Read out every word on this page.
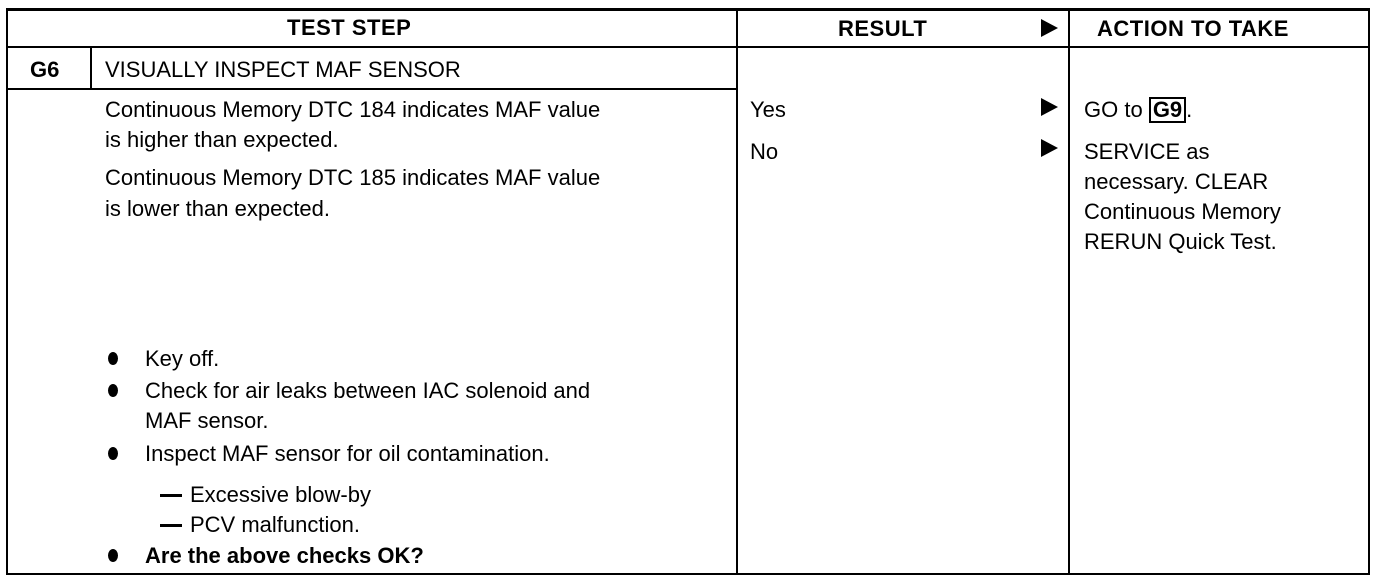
TEST STEP	RESULT	ACTION TO TAKE
G6 VISUALLY INSPECT MAF SENSOR
Continuous Memory DTC 184 indicates MAF value
is higher than expected.
Continuous Memory DTC 185 indicates MAF value
is lower than expected.
Key off.
Check for air leaks between IAC solenoid and
MAF sensor.
Inspect MAF sensor for oil contamination.
Excessive blow-by
PCV malfunction.
Are the above checks OK?
Yes
No
GO to G9 .
SERVICE as
necessary. CLEAR
Continuous Memory
RERUN Quick Test.
